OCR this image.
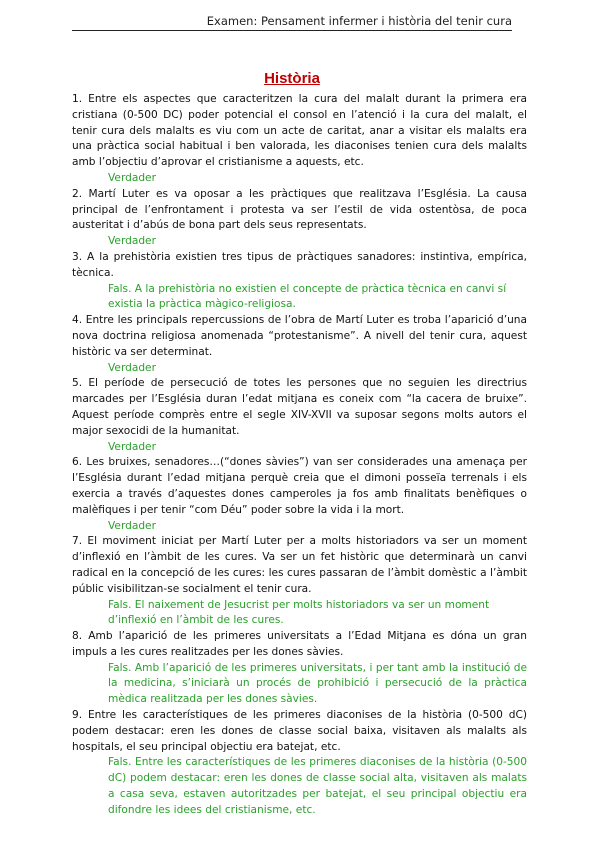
Examen: Pensament infermer i història del tenir cura
Història

1. Entre els aspectes que caracteritzen la cura del malalt durant la primera era cristiana (0-500 DC) poder potencial el consol en l’atenció i la cura del malalt, el tenir cura dels malalts es viu com un acte de caritat, anar a visitar els malalts era una pràctica social habitual i ben valorada, les diaconises tenien cura dels malalts amb l’objectiu d’aprovar el cristianisme a aquests, etc.

Verdader

2. Martí Luter es va oposar a les pràctiques que realitzava l’Església. La causa principal de l’enfrontament i protesta va ser l’estil de vida ostentòsa, de poca austeritat i d’abús de bona part dels seus representats.

Verdader

3. A la prehistòria existien tres tipus de pràctiques sanadores: instintiva, empírica, tècnica.

Fals. A la prehistòria no existien el concepte de pràctica tècnica en canvi sí existia la pràctica màgico-religiosa.

4. Entre les principals repercussions de l’obra de Martí Luter es troba l’aparició d’una nova doctrina religiosa anomenada “protestanisme”. A nivell del tenir cura, aquest històric va ser determinat.

Verdader

5. El període de persecució de totes les persones que no seguien les directrius marcades per l’Església duran l’edat mitjana es coneix com “la cacera de bruixe”. Aquest període comprès entre el segle XIV-XVII va suposar segons molts autors el major sexocidi de la humanitat.

Verdader

6. Les bruixes, senadores…(“dones sàvies”) van ser considerades una amenaça per l’Església durant l’edad mitjana perquè creia que el dimoni posseïa terrenals i els exercia a través d’aquestes dones camperoles ja fos amb finalitats benèfiques o malèfiques i per tenir “com Déu” poder sobre la vida i la mort.

Verdader

7. El moviment iniciat per Martí Luter per a molts historiadors va ser un moment d’inflexió en l’àmbit de les cures. Va ser un fet històric que determinarà un canvi radical en la concepció de les cures: les cures passaran de l’àmbit domèstic a l’àmbit públic visibilitzan-se socialment el tenir cura.

Fals. El naixement de Jesucrist per molts historiadors va ser un moment d’inflexió en l’àmbit de les cures.

8. Amb l’aparició de les primeres universitats a l’Edad Mitjana es dóna un gran impuls a les cures realitzades per les dones sàvies.

Fals. Amb l’aparició de les primeres universitats, i per tant amb la institució de la medicina, s’iniciarà un procés de prohibició i persecució de la pràctica mèdica realitzada per les dones sàvies.

9. Entre les característiques de les primeres diaconises de la història (0-500 dC) podem destacar: eren les dones de classe social baixa, visitaven als malalts als hospitals, el seu principal objectiu era batejat, etc.

Fals. Entre les característiques de les primeres diaconises de la història (0-500 dC) podem destacar: eren les dones de classe social alta, visitaven als malats a casa seva, estaven autoritzades per batejat, el seu principal objectiu era difondre les idees del cristianisme, etc.
